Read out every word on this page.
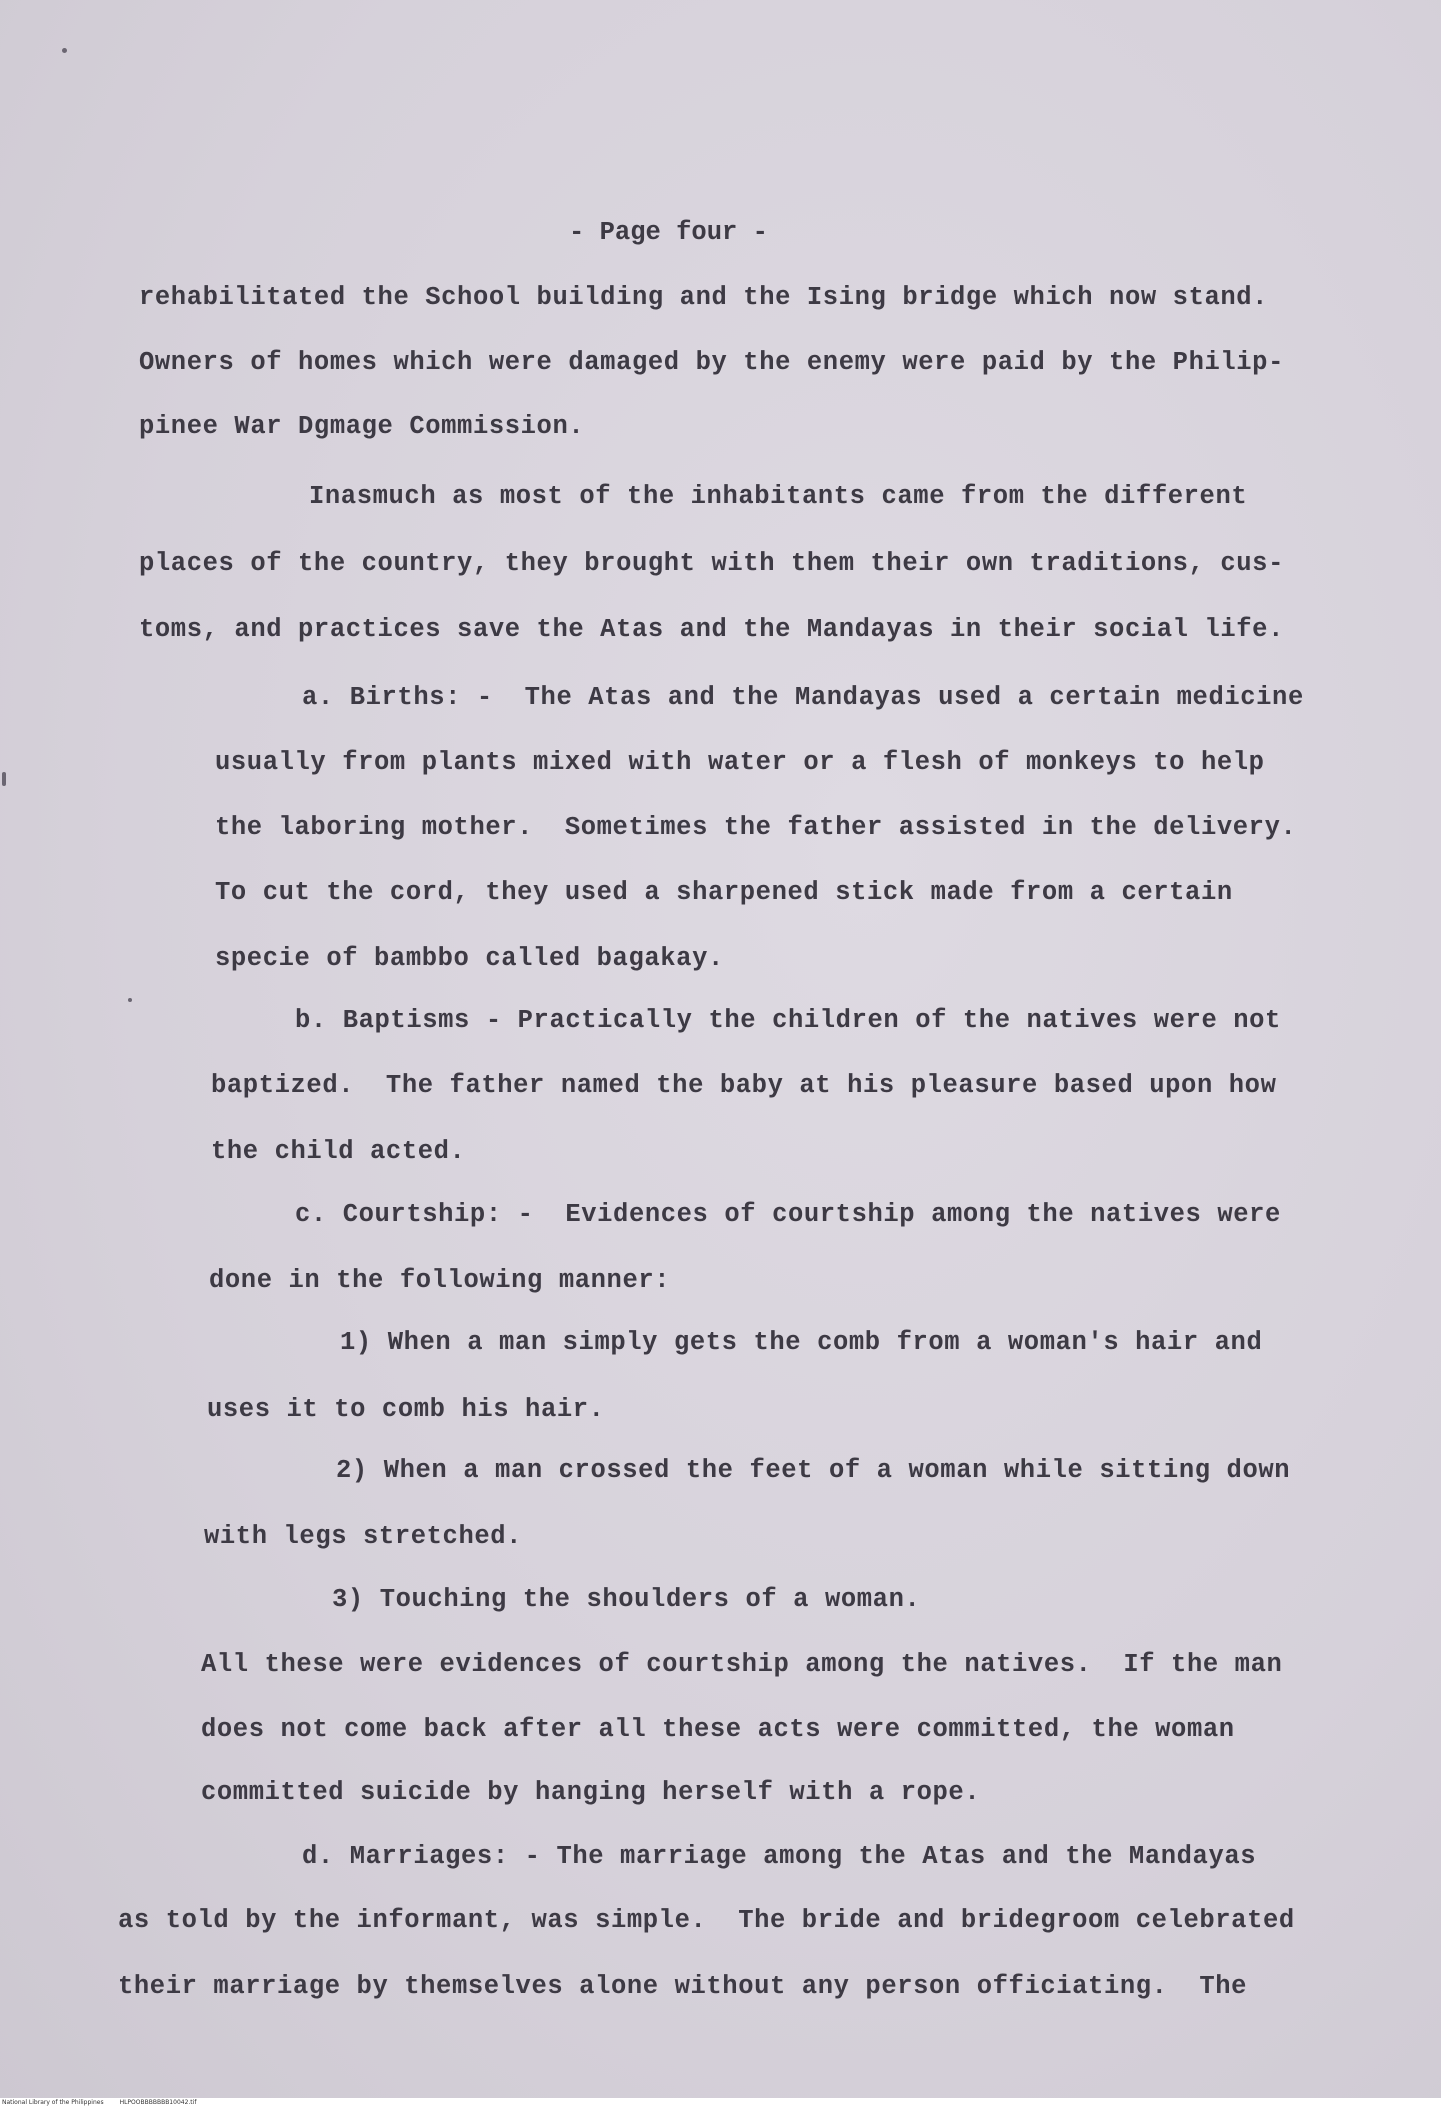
- Page four -
rehabilitated the School building and the Ising bridge which now stand.
Owners of homes which were damaged by the enemy were paid by the Philip-
pinee War Dgmage Commission.
Inasmuch as most of the inhabitants came from the different
places of the country, they brought with them their own traditions, cus-
toms, and practices save the Atas and the Mandayas in their social life.
a. Births: -  The Atas and the Mandayas used a certain medicine
usually from plants mixed with water or a flesh of monkeys to help
the laboring mother.  Sometimes the father assisted in the delivery.
To cut the cord, they used a sharpened stick made from a certain
specie of bambbo called bagakay.
b. Baptisms - Practically the children of the natives were not
baptized.  The father named the baby at his pleasure based upon how
the child acted.
c. Courtship: -  Evidences of courtship among the natives were
done in the following manner:
1) When a man simply gets the comb from a woman's hair and
uses it to comb his hair.
2) When a man crossed the feet of a woman while sitting down
with legs stretched.
3) Touching the shoulders of a woman.
All these were evidences of courtship among the natives.  If the man
does not come back after all these acts were committed, the woman
committed suicide by hanging herself with a rope.
d. Marriages: - The marriage among the Atas and the Mandayas
as told by the informant, was simple.  The bride and bridegroom celebrated
their marriage by themselves alone without any person officiating.  The
National Library of the Philippines	HLPOOBBBBBBB10042.tif
